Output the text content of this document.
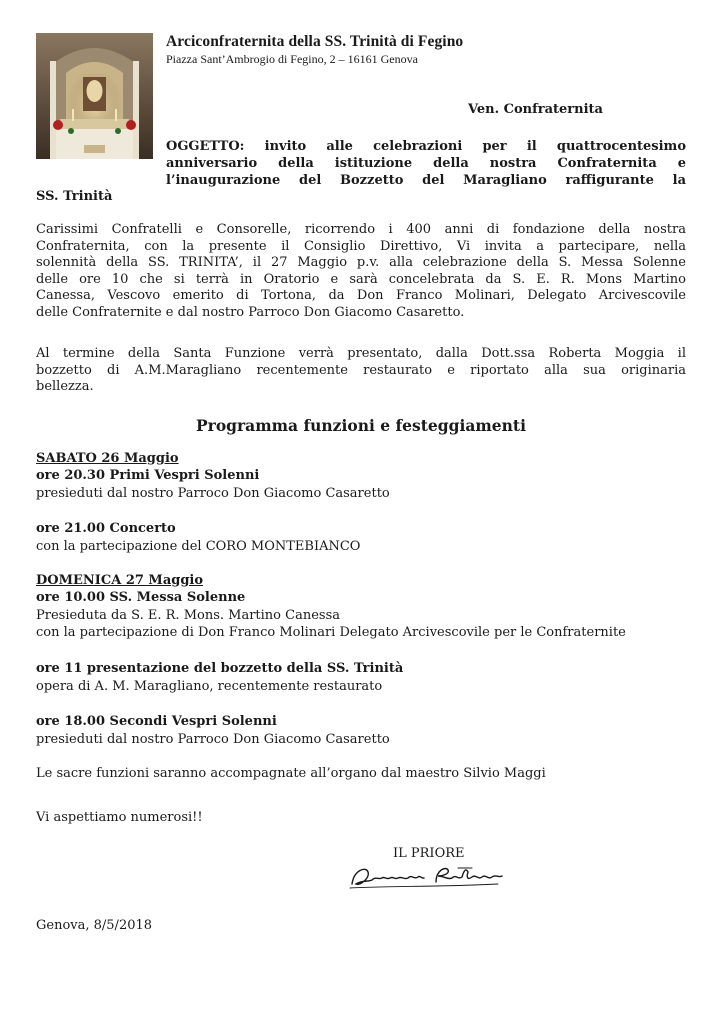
Arciconfraternita della SS. Trinità di Fegino
Piazza Sant’Ambrogio di Fegino, 2 – 16161 Genova
Ven. Confraternita
OGGETTO: invito alle celebrazioni per il quattrocentesimo
anniversario della istituzione della nostra Confraternita e
l’inaugurazione del Bozzetto del Maragliano raffigurante la
SS. Trinità
Carissimi Confratelli e Consorelle, ricorrendo i 400 anni di fondazione della nostra
Confraternita, con la presente il Consiglio Direttivo, Vi invita a partecipare, nella
solennità della SS. TRINITA’, il 27 Maggio p.v. alla celebrazione della S. Messa Solenne
delle ore 10 che si terrà in Oratorio e sarà concelebrata da S. E. R. Mons Martino
Canessa, Vescovo emerito di Tortona, da Don Franco Molinari, Delegato Arcivescovile
delle Confraternite e dal nostro Parroco Don Giacomo Casaretto.
Al termine della Santa Funzione verrà presentato, dalla Dott.ssa Roberta Moggia il
bozzetto di A.M.Maragliano recentemente restaurato e riportato alla sua originaria
bellezza.
Programma funzioni e festeggiamenti
SABATO 26 Maggio
ore 20.30 Primi Vespri Solenni
presieduti dal nostro Parroco Don Giacomo Casaretto
ore 21.00 Concerto
con la partecipazione del CORO MONTEBIANCO
DOMENICA 27 Maggio
ore 10.00 SS. Messa Solenne
Presieduta da S. E. R. Mons. Martino Canessa
con la partecipazione di Don Franco Molinari Delegato Arcivescovile per le Confraternite
ore 11 presentazione del bozzetto della SS. Trinità
opera di A. M. Maragliano, recentemente restaurato
ore 18.00 Secondi Vespri Solenni
presieduti dal nostro Parroco Don Giacomo Casaretto
Le sacre funzioni saranno accompagnate all’organo dal maestro Silvio Maggi
Vi aspettiamo numerosi!!
IL PRIORE
Genova, 8/5/2018
